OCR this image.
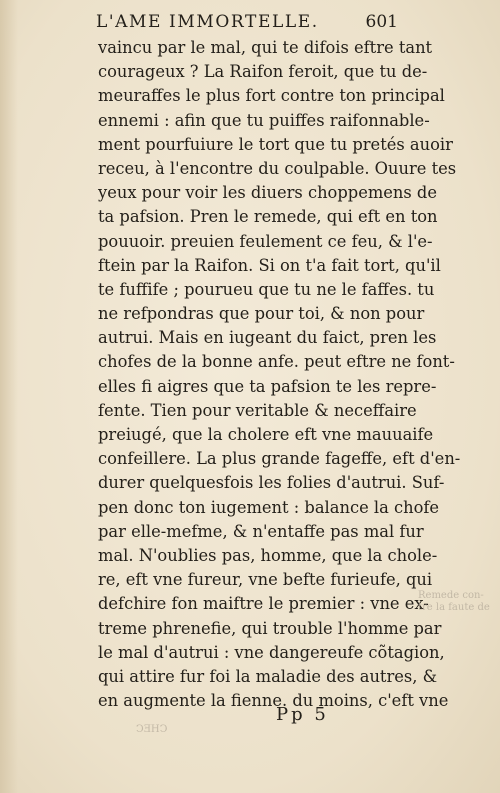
L'AME IMMORTELLE.	601
vaincu par le mal, qui te difois eftre tant
courageux ? La Raifon feroit, que tu de-
meuraffes le plus fort contre ton principal
ennemi : afin que tu puiffes raifonnable-
ment pourfuiure le tort que tu pretés auoir
receu, à l'encontre du coulpable. Ouure tes
yeux pour voir les diuers choppemens de
ta pafsion. Pren le remede, qui eft en ton
pouuoir. preuien feulement ce feu, & l'e-
ftein par la Raifon. Si on t'a fait tort, qu'il
te fuffife ; pourueu que tu ne le faffes. tu
ne refpondras que pour toi, & non pour
autrui. Mais en iugeant du faict, pren les
chofes de la bonne anfe. peut eftre ne font-
elles fi aigres que ta pafsion te les repre-
fente. Tien pour veritable & neceffaire
preiugé, que la cholere eft vne mauuaife
confeillere. La plus grande fageffe, eft d'en-
durer quelquesfois les folies d'autrui. Suf-
pen donc ton iugement : balance la chofe
par elle-mefme, & n'entaffe pas mal fur
mal. N'oublies pas, homme, que la chole-
re, eft vne fureur, vne befte furieufe, qui
defchire fon maiftre le premier : vne ex-
treme phrenefie, qui trouble l'homme par
le mal d'autrui : vne dangereufe cõtagion,
qui attire fur foi la maladie des autres, &
en augmente la fienne. du moins, c'eft vne
Pp 5
Remede con-
tre la faute de
CHEC
